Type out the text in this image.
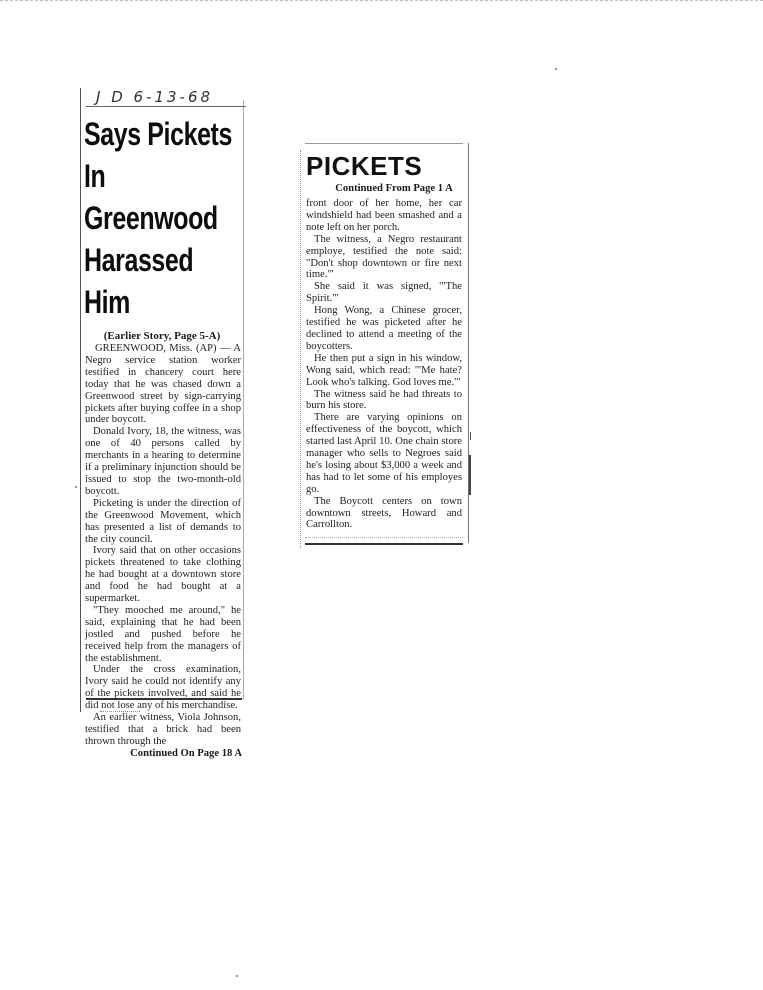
J D 6-13-68
Says Pickets
In Greenwood
Harassed Him
(Earlier Story, Page 5-A)

GREENWOOD, Miss. (AP) — A Negro service station worker testified in chancery court here today that he was chased down a Greenwood street by sign-carrying pickets after buying coffee in a shop under boycott.

Donald Ivory, 18, the witness, was one of 40 persons called by merchants in a hearing to determine if a preliminary injunction should be issued to stop the two-month-old boycott.

Picketing is under the direction of the Greenwood Movement, which has presented a list of demands to the city council.

Ivory said that on other occasions pickets threatened to take clothing he had bought at a downtown store and food he had bought at a supermarket.

"They mooched me around," he said, explaining that he had been jostled and pushed before he received help from the managers of the establishment.

Under the cross examination, Ivory said he could not identify any of the pickets involved, and said he did not lose any of his merchandise.

An earlier witness, Viola Johnson, testified that a brick had been thrown through the

Continued On Page 18 A
PICKETS
Continued From Page 1 A

front door of her home, her car windshield had been smashed and a note left on her porch.

The witness, a Negro restaurant employe, testified the note said: "Don't shop downtown or fire next time."'

She said it was signed, '"The Spirit."'

Hong Wong, a Chinese grocer, testified he was picketed after he declined to attend a meeting of the boycotters.

He then put a sign in his window, Wong said, which read: '"Me hate? Look who's talking. God loves me."'

The witness said he had threats to burn his store.

There are varying opinions on effectiveness of the boycott, which started last April 10. One chain store manager who sells to Negroes said he's losing about $3,000 a week and has had to let some of his employes go.

The Boycott centers on town downtown streets, Howard and Carrollton.
